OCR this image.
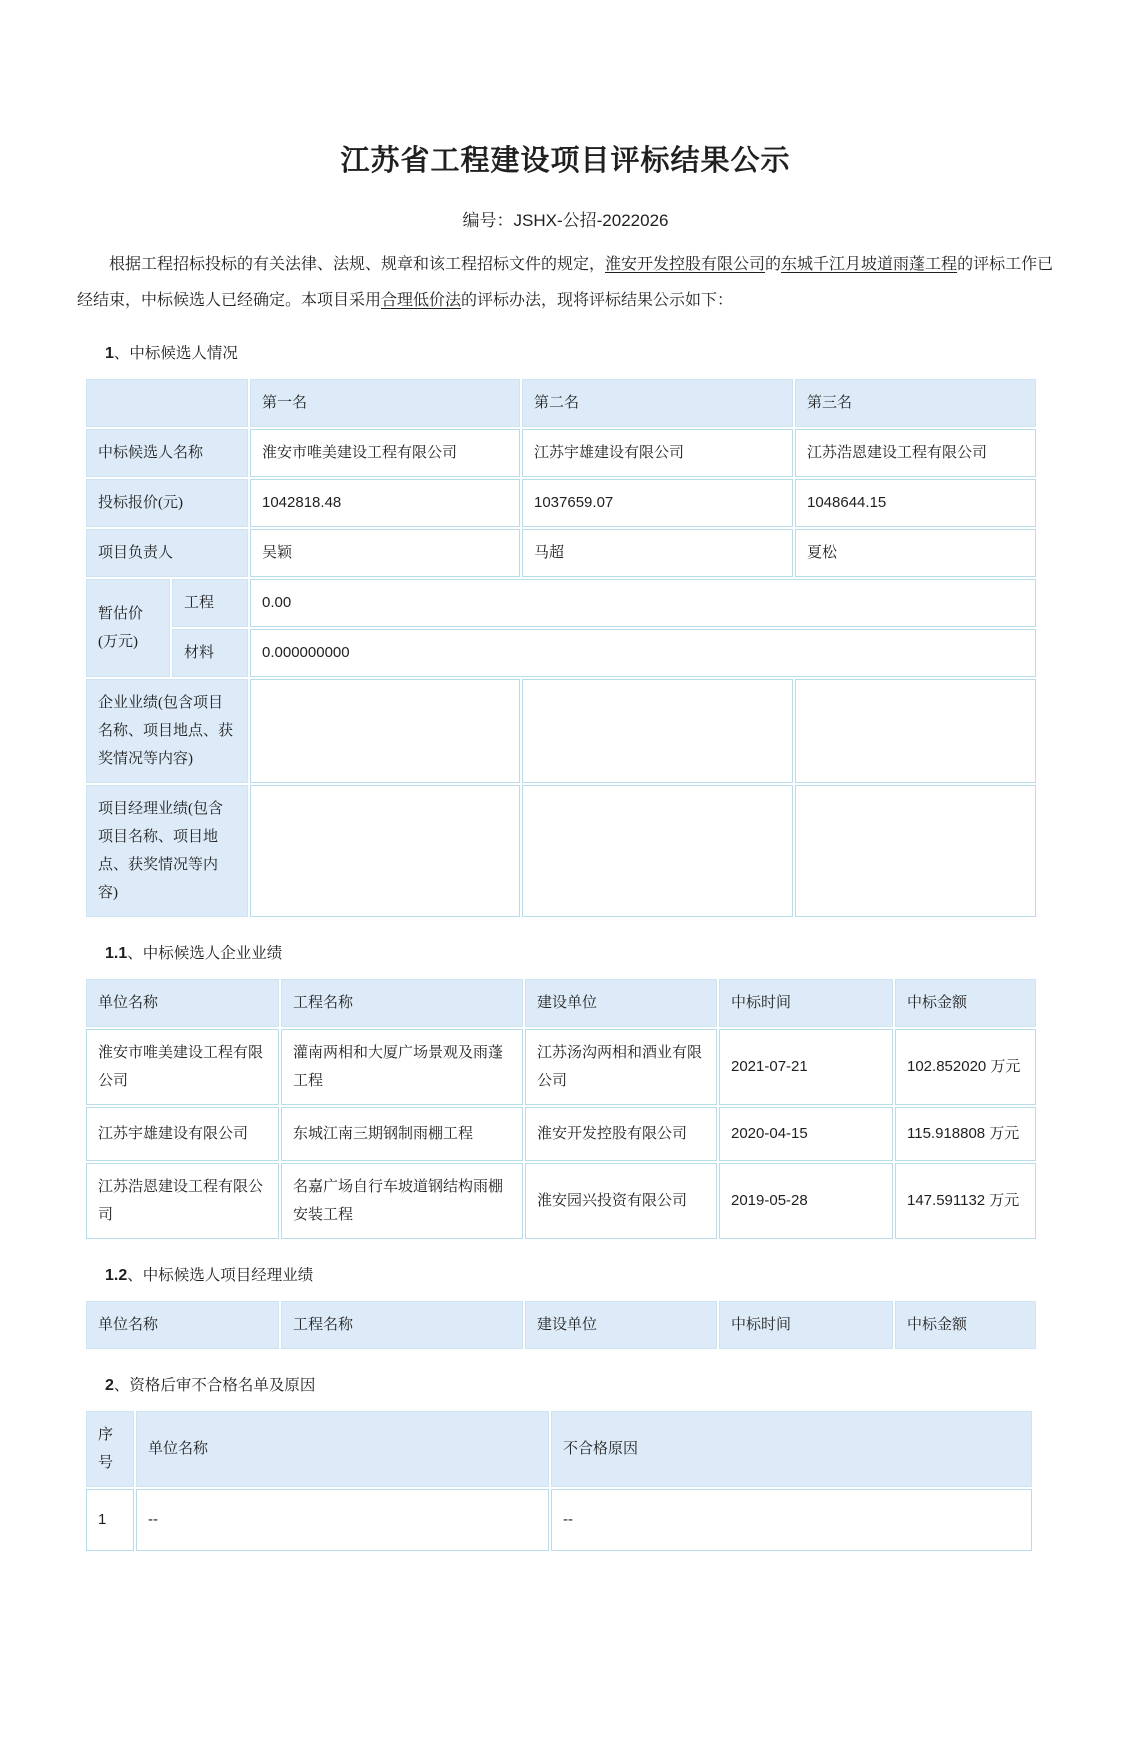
江苏省工程建设项目评标结果公示
编号：JSHX-公招-2022026

根据工程招标投标的有关法律、法规、规章和该工程招标文件的规定，淮安开发控股有限公司的东城千江月坡道雨蓬工程的评标工作已经结束，中标候选人已经确定。本项目采用合理低价法的评标办法，现将评标结果公示如下：

1、中标候选人情况
		第一名	第二名	第三名
中标候选人名称		淮安市唯美建设工程有限公司	江苏宇雄建设有限公司	江苏浩恩建设工程有限公司
投标报价(元)		1042818.48	1037659.07	1048644.15
项目负责人		吴颖	马超	夏松
暂估价(万元)	工程	0.00		
	材料	0.000000000		
企业业绩(包含项目名称、项目地点、获奖情况等内容)				
项目经理业绩(包含项目名称、项目地点、获奖情况等内容)				
1.1、中标候选人企业业绩
单位名称	工程名称	建设单位	中标时间	中标金额
淮安市唯美建设工程有限公司	灌南两相和大厦广场景观及雨蓬工程	江苏汤沟两相和酒业有限公司	2021-07-21	102.852020 万元
江苏宇雄建设有限公司	东城江南三期钢制雨棚工程	淮安开发控股有限公司	2020-04-15	115.918808 万元
江苏浩恩建设工程有限公司	名嘉广场自行车坡道钢结构雨棚安装工程	淮安园兴投资有限公司	2019-05-28	147.591132 万元
1.2、中标候选人项目经理业绩
单位名称	工程名称	建设单位	中标时间	中标金额
2、资格后审不合格名单及原因
序号	单位名称	不合格原因
1	--	--
